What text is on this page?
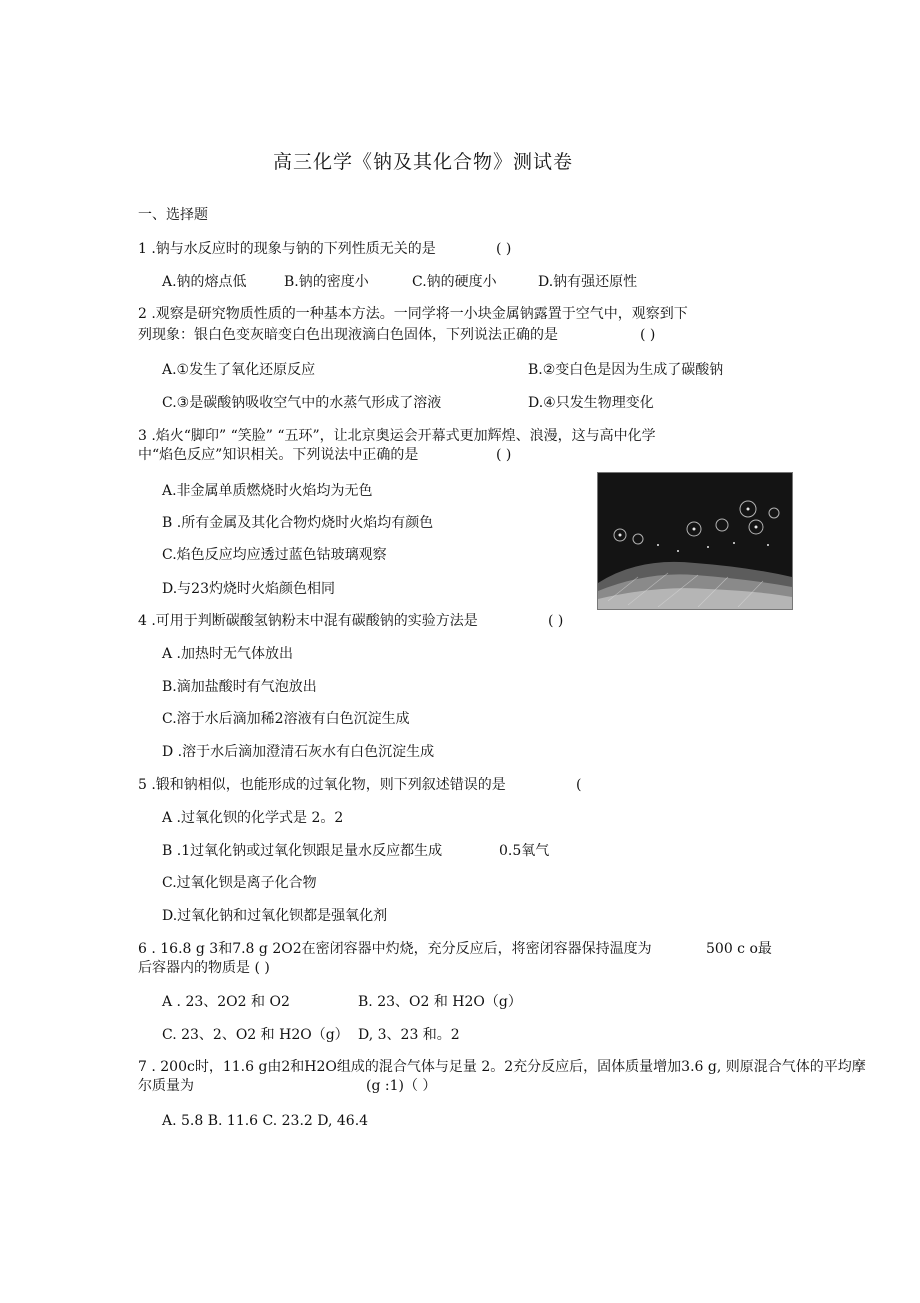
高三化学《钠及其化合物》测试卷
一、选择题
1 .钠与水反应时的现象与钠的下列性质无关的是	( )
A.钠的熔点低	B.钠的密度小	C.钠的硬度小	D.钠有强还原性
2 .观察是研究物质性质的一种基本方法。一同学将一小块金属钠露置于空气中，观察到下
列现象：银白色变灰暗变白色出现液滴白色固体，下列说法正确的是	( )
A.①发生了氧化还原反应	B.②变白色是因为生成了碳酸钠
C.③是碳酸钠吸收空气中的水蒸气形成了溶液	D.④只发生物理变化
3 .焰火“脚印” “笑脸” “五环”，让北京奥运会开幕式更加辉煌、浪漫，这与高中化学
中“焰色反应”知识相关。下列说法中正确的是	( )
A.非金属单质燃烧时火焰均为无色
B .所有金属及其化合物灼烧时火焰均有颜色
C.焰色反应均应透过蓝色钴玻璃观察
D.与23灼烧时火焰颜色相同
4 .可用于判断碳酸氢钠粉末中混有碳酸钠的实验方法是	( )
A .加热时无气体放出
B.滴加盐酸时有气泡放出
C.溶于水后滴加稀2溶液有白色沉淀生成
D .溶于水后滴加澄清石灰水有白色沉淀生成
5 .锻和钠相似，也能形成的过氧化物，则下列叙述错误的是	(
A .过氧化钡的化学式是 2。2
B .1过氧化钠或过氧化钡跟足量水反应都生成	0.5氧气
C.过氧化钡是离子化合物
D.过氧化钠和过氧化钡都是强氧化剂
6 . 16.8 g 3和7.8 g 2O2在密闭容器中灼烧，充分反应后，将密闭容器保持温度为	500 c o最
后容器内的物质是 ( )
A . 23、2O2 和 O2	B. 23、O2 和 H2O（g）
C. 23、2、O2 和 H2O（g） D, 3、23 和。2
7 . 200c时，11.6 g由2和H2O组成的混合气体与足量 2。2充分反应后，固体质量增加3.6 g, 则原混合气体的平均摩
尔质量为	(g :1)（ ）
A. 5.8 B. 11.6 C. 23.2 D, 46.4
